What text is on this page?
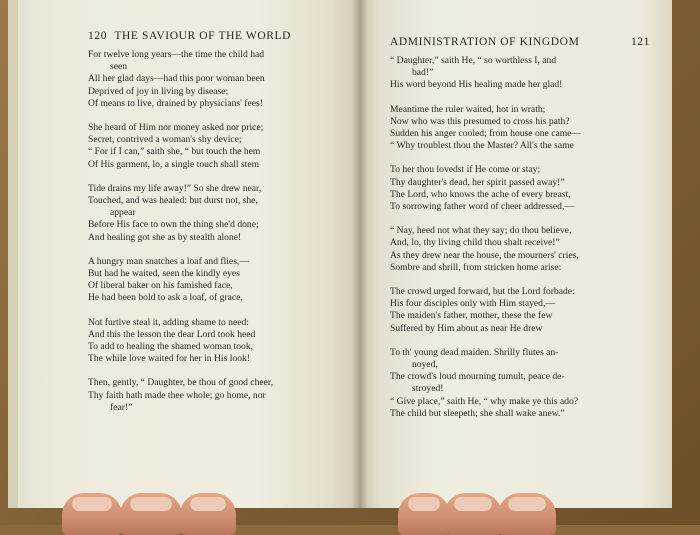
120 THE SAVIOUR OF THE WORLD
For twelve long years—the time the child had
seen
All her glad days—had this poor woman been
Deprived of joy in living by disease;
Of means to live, drained by physicians' fees!
She heard of Him nor money asked nor price;
Secret, contrived a woman's shy device;
“ For if I can,” saith she, “ but touch the hem
Of His garment, lo, a single touch shall stem
Tide drains my life away!” So she drew near,
Touched, and was healed: but durst not, she,
appear
Before His face to own the thing she'd done;
And healing got she as by stealth alone!
A hungry man snatches a loaf and flies,—
But had he waited, seen the kindly eyes
Of liberal baker on his famished face,
He had been bold to ask a loaf, of grace,
Not furtive steal it, adding shame to need:
And this the lesson the dear Lord took heed
To add to healing the shamed woman took,
The while love waited for her in His look!
Then, gently, “ Daughter, be thou of good cheer,
Thy faith hath made thee whole; go home, nor
fear!”
ADMINISTRATION OF KINGDOM	121
“ Daughter,” saith He, “ so worthless I, and
bad!”
His word beyond His healing made her glad!
Meantime the ruler waited, hot in wrath;
Now who was this presumed to cross his path?
Sudden his anger cooled; from house one came—
“ Why troublest thou the Master? All's the same
To her thou lovedst if He come or stay;
Thy daughter's dead, her spirit passed away!”
The Lord, who knows the ache of every breast,
To sorrowing father word of cheer addressed,—
“ Nay, heed not what they say; do thou believe,
And, lo, thy living child thou shalt receive!”
As they drew near the house, the mourners' cries,
Sombre and shrill, from stricken home arise:
The crowd urged forward, but the Lord forbade:
His four disciples only with Him stayed,—
The maiden's father, mother, these the few
Suffered by Him about as near He drew
To th' young dead maiden. Shrilly flutes an-
noyed,
The crowd's loud mourning tumult, peace de-
stroyed!
“ Give place,” saith He, “ why make ye this ado?
The child but sleepeth; she shall wake anew.”
